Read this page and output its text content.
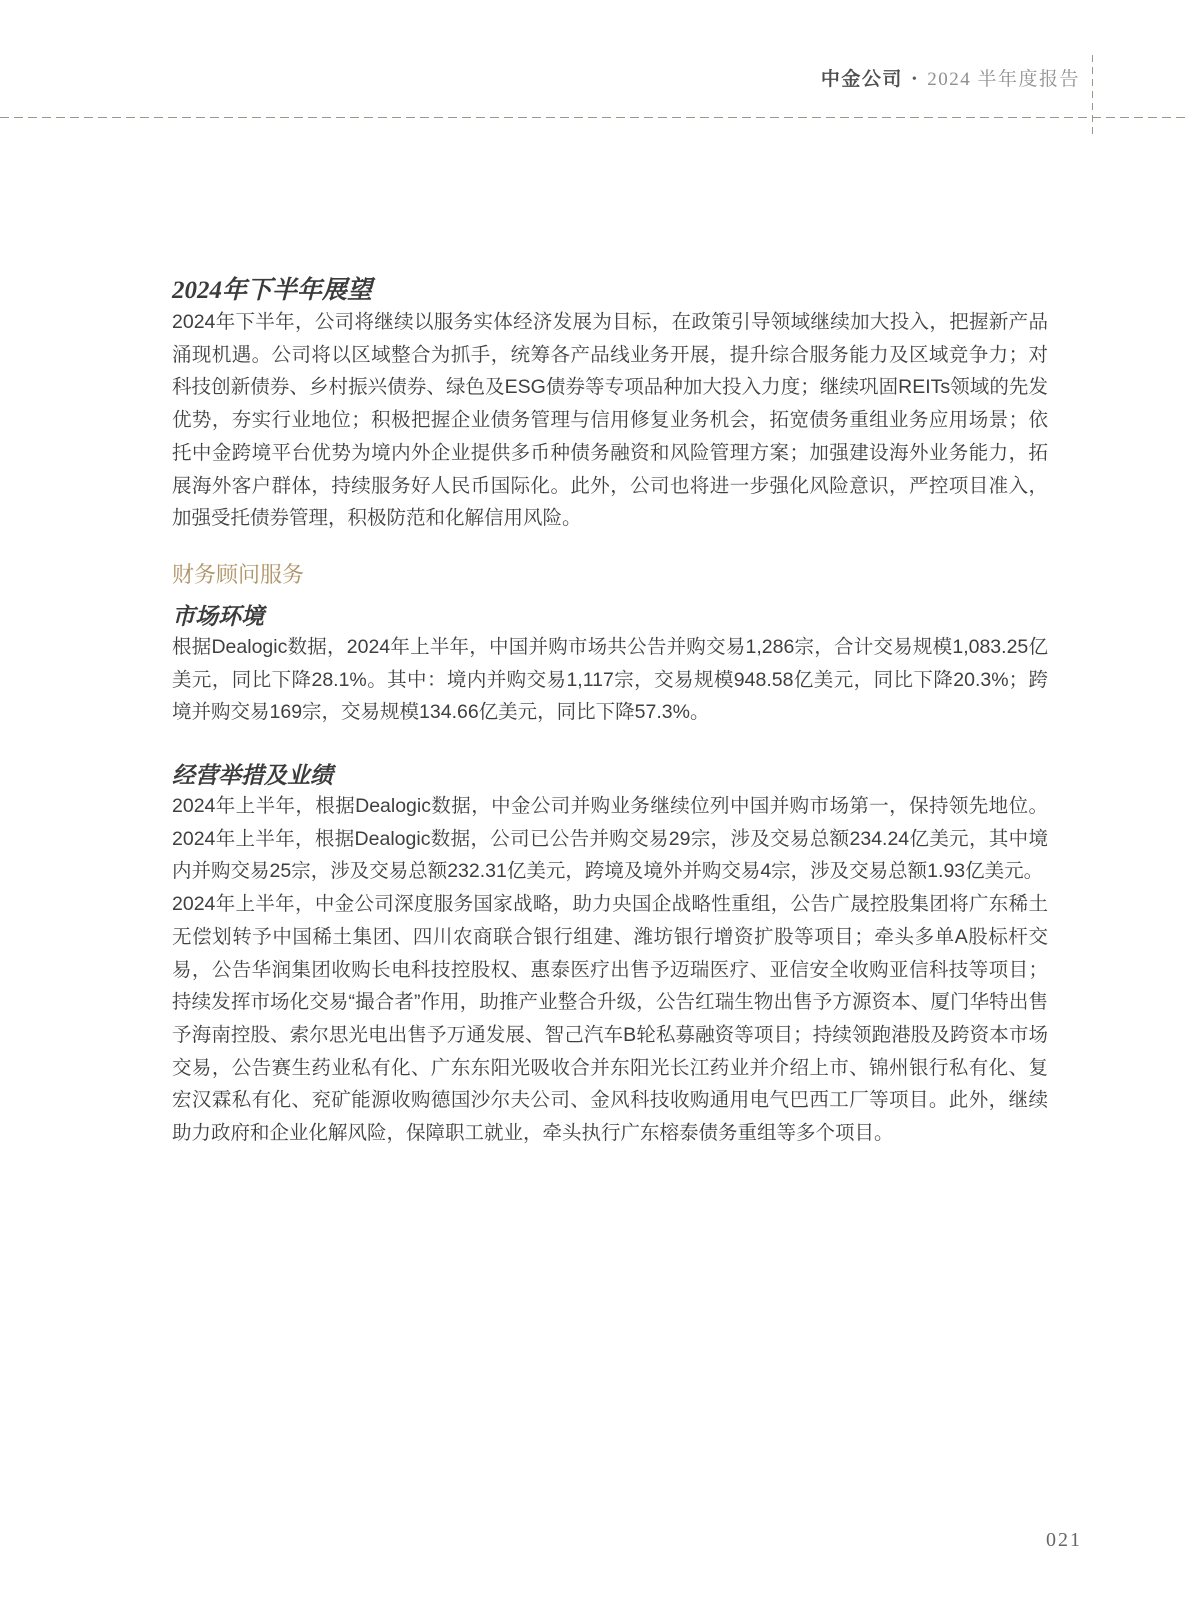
中金公司 • 2024 半年度报告
2024年下半年展望

2024年下半年，公司将继续以服务实体经济发展为目标，在政策引导领域继续加大投入，把握新产品涌现机遇。公司将以区域整合为抓手，统筹各产品线业务开展，提升综合服务能力及区域竞争力；对科技创新债券、乡村振兴债券、绿色及ESG债券等专项品种加大投入力度；继续巩固REITs领域的先发优势，夯实行业地位；积极把握企业债务管理与信用修复业务机会，拓宽债务重组业务应用场景；依托中金跨境平台优势为境内外企业提供多币种债务融资和风险管理方案；加强建设海外业务能力，拓展海外客户群体，持续服务好人民币国际化。此外，公司也将进一步强化风险意识，严控项目准入，加强受托债券管理，积极防范和化解信用风险。

财务顾问服务
市场环境

根据Dealogic数据，2024年上半年，中国并购市场共公告并购交易1,286宗，合计交易规模1,083.25亿美元，同比下降28.1%。其中：境内并购交易1,117宗，交易规模948.58亿美元，同比下降20.3%；跨境并购交易169宗，交易规模134.66亿美元，同比下降57.3%。

经营举措及业绩

2024年上半年，根据Dealogic数据，中金公司并购业务继续位列中国并购市场第一，保持领先地位。2024年上半年，根据Dealogic数据，公司已公告并购交易29宗，涉及交易总额234.24亿美元，其中境内并购交易25宗，涉及交易总额232.31亿美元，跨境及境外并购交易4宗，涉及交易总额1.93亿美元。

2024年上半年，中金公司深度服务国家战略，助力央国企战略性重组，公告广晟控股集团将广东稀土无偿划转予中国稀土集团、四川农商联合银行组建、潍坊银行增资扩股等项目；牵头多单A股标杆交易，公告华润集团收购长电科技控股权、惠泰医疗出售予迈瑞医疗、亚信安全收购亚信科技等项目；持续发挥市场化交易“撮合者”作用，助推产业整合升级，公告红瑞生物出售予方源资本、厦门华特出售予海南控股、索尔思光电出售予万通发展、智己汽车B轮私募融资等项目；持续领跑港股及跨资本市场交易，公告赛生药业私有化、广东东阳光吸收合并东阳光长江药业并介绍上市、锦州银行私有化、复宏汉霖私有化、兖矿能源收购德国沙尔夫公司、金风科技收购通用电气巴西工厂等项目。此外，继续助力政府和企业化解风险，保障职工就业，牵头执行广东榕泰债务重组等多个项目。

021
